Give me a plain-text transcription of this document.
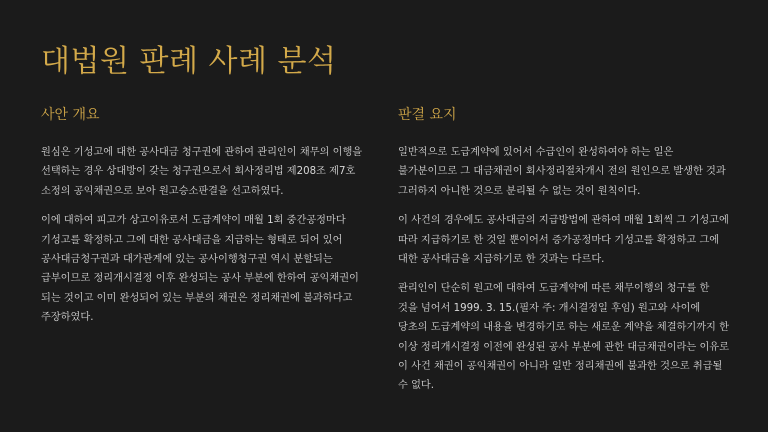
대법원 판례 사례 분석
사안 개요

원심은 기성고에 대한 공사대금 청구권에 관하여 관리인이 채무의 이행을 선택하는 경우 상대방이 갖는 청구권으로서 회사정리법 제208조 제7호 소정의 공익채권으로 보아 원고승소판결을 선고하였다.

이에 대하여 피고가 상고이유로서 도급계약이 매월 1회 중간공정마다 기성고를 확정하고 그에 대한 공사대금을 지급하는 형태로 되어 있어 공사대금청구권과 대가관계에 있는 공사이행청구권 역시 분할되는 급부이므로 정리개시결정 이후 완성되는 공사 부분에 한하여 공익채권이 되는 것이고 이미 완성되어 있는 부분의 채권은 정리채권에 불과하다고 주장하였다.

판결 요지

일반적으로 도급계약에 있어서 수급인이 완성하여야 하는 일은 불가분이므로 그 대금채권이 회사정리절차개시 전의 원인으로 발생한 것과 그러하지 아니한 것으로 분리될 수 없는 것이 원칙이다.

이 사건의 경우에도 공사대금의 지급방법에 관하여 매월 1회씩 그 기성고에 따라 지급하기로 한 것일 뿐이어서 증가공정마다 기성고를 확정하고 그에 대한 공사대금을 지급하기로 한 것과는 다르다.

관리인이 단순히 원고에 대하여 도급계약에 따른 채무이행의 청구를 한 것을 넘어서 1999. 3. 15.(필자 주: 개시결정일 후임) 원고와 사이에 당초의 도급계약의 내용을 변경하기로 하는 새로운 계약을 체결하기까지 한 이상 정리개시결정 이전에 완성된 공사 부분에 관한 대금채권이라는 이유로 이 사건 채권이 공익채권이 아니라 일반 정리채권에 불과한 것으로 취급될 수 없다.
